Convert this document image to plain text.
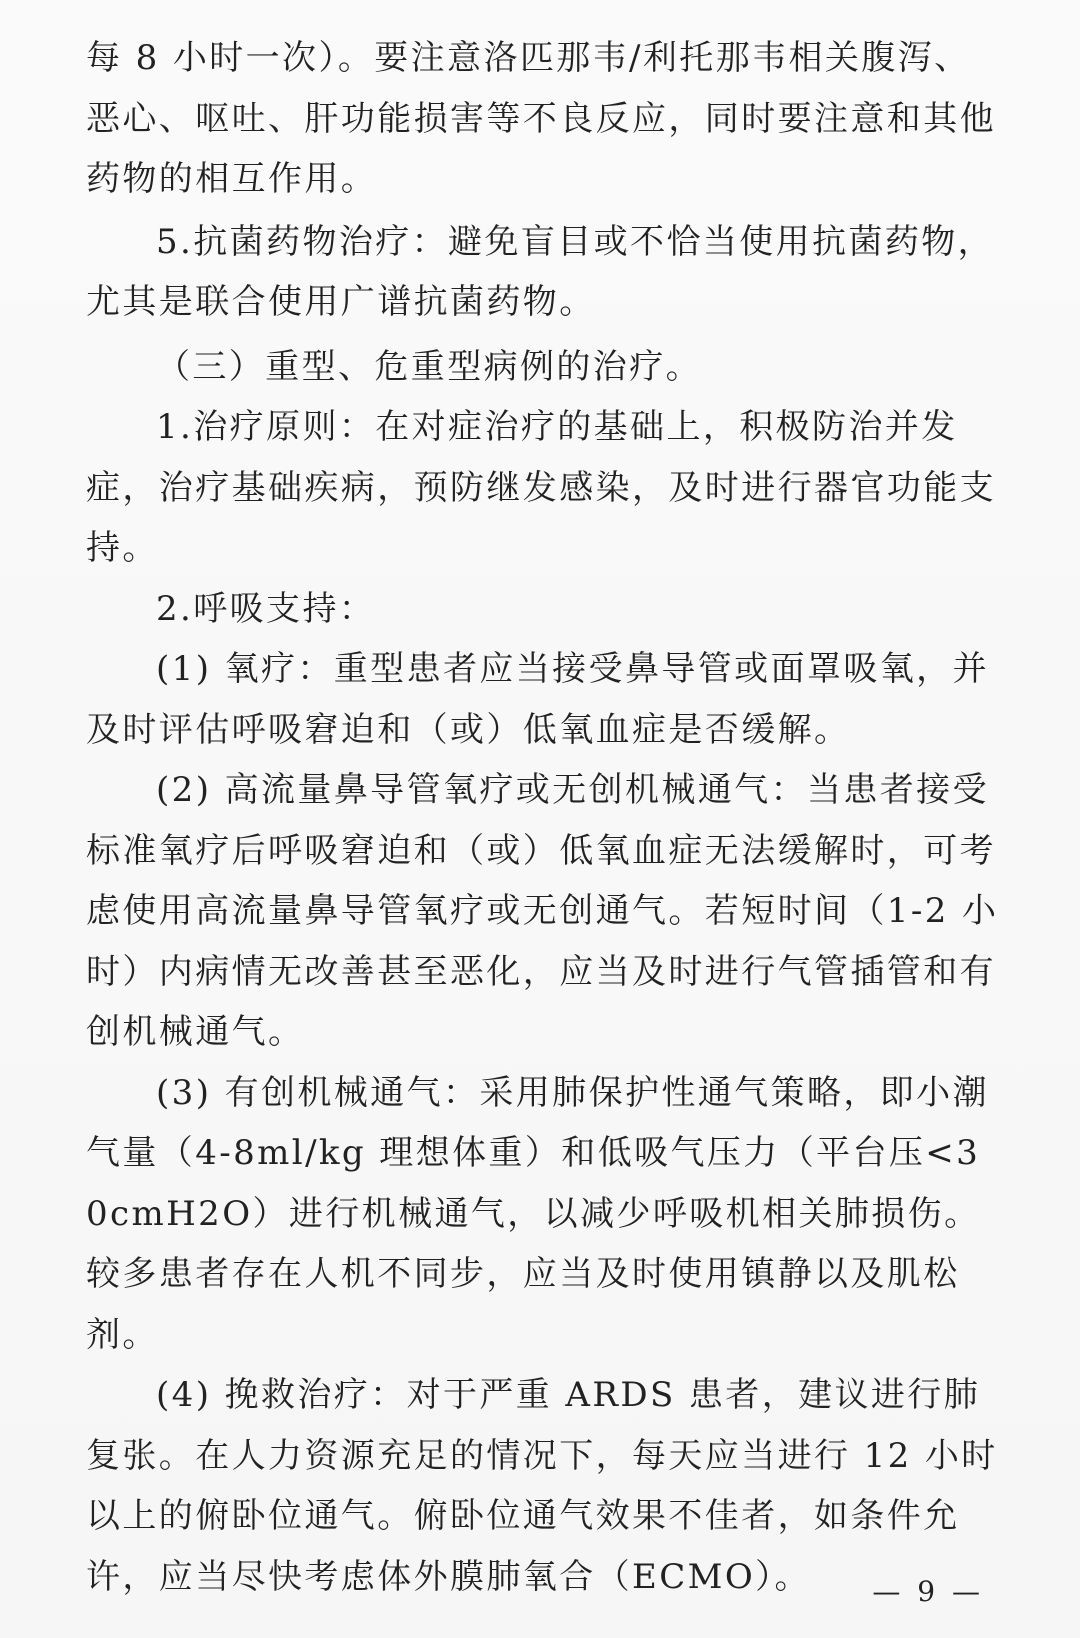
每 8 小时一次）。要注意洛匹那韦/利托那韦相关腹泻、恶心、呕吐、肝功能损害等不良反应，同时要注意和其他药物的相互作用。

5.抗菌药物治疗：避免盲目或不恰当使用抗菌药物，尤其是联合使用广谱抗菌药物。

（三）重型、危重型病例的治疗。

1.治疗原则：在对症治疗的基础上，积极防治并发症，治疗基础疾病，预防继发感染，及时进行器官功能支持。

2.呼吸支持：

(1) 氧疗：重型患者应当接受鼻导管或面罩吸氧，并及时评估呼吸窘迫和（或）低氧血症是否缓解。

(2) 高流量鼻导管氧疗或无创机械通气：当患者接受标准氧疗后呼吸窘迫和（或）低氧血症无法缓解时，可考虑使用高流量鼻导管氧疗或无创通气。若短时间（1-2 小时）内病情无改善甚至恶化，应当及时进行气管插管和有创机械通气。

(3) 有创机械通气：采用肺保护性通气策略，即小潮气量（4-8ml/kg 理想体重）和低吸气压力（平台压<30cmH2O）进行机械通气，以减少呼吸机相关肺损伤。较多患者存在人机不同步，应当及时使用镇静以及肌松剂。

(4) 挽救治疗：对于严重 ARDS 患者，建议进行肺复张。在人力资源充足的情况下，每天应当进行 12 小时以上的俯卧位通气。俯卧位通气效果不佳者，如条件允许，应当尽快考虑体外膜肺氧合（ECMO）。	— 9 —
